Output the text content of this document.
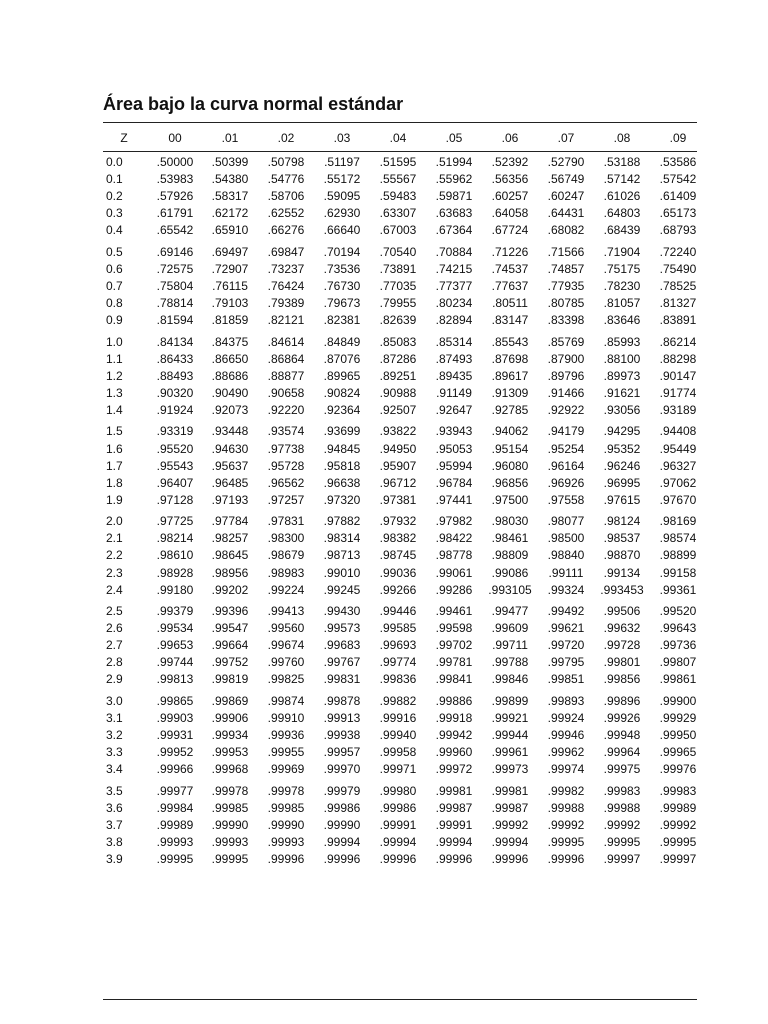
Área bajo la curva normal estándar
Z	00	.01	.02	.03	.04	.05	.06	.07	.08	.09
0.0	.50000 .50399 .50798 .51197 .51595 .51994 .52392 .52790 .53188 .53586
0.1	.53983 .54380 .54776 .55172 .55567 .55962 .56356 .56749 .57142 .57542
0.2	.57926 .58317 .58706 .59095 .59483 .59871 .60257 .60247 .61026 .61409
0.3	.61791 .62172 .62552 .62930 .63307 .63683 .64058 .64431 .64803 .65173
0.4	.65542 .65910 .66276 .66640 .67003 .67364 .67724 .68082 .68439 .68793
0.5	.69146 .69497 .69847 .70194 .70540 .70884 .71226 .71566 .71904 .72240
0.6	.72575 .72907 .73237 .73536 .73891 .74215 .74537 .74857 .75175 .75490
0.7	.75804 .76115 .76424 .76730 .77035 .77377 .77637 .77935 .78230 .78525
0.8	.78814 .79103 .79389 .79673 .79955 .80234 .80511 .80785 .81057 .81327
0.9	.81594 .81859 .82121 .82381 .82639 .82894 .83147 .83398 .83646 .83891
1.0	.84134 .84375 .84614 .84849 .85083 .85314 .85543 .85769 .85993 .86214
1.1	.86433 .86650 .86864 .87076 .87286 .87493 .87698 .87900 .88100 .88298
1.2	.88493 .88686 .88877 .89965 .89251 .89435 .89617 .89796 .89973 .90147
1.3	.90320 .90490 .90658 .90824 .90988 .91149 .91309 .91466 .91621 .91774
1.4	.91924 .92073 .92220 .92364 .92507 .92647 .92785 .92922 .93056 .93189
1.5	.93319 .93448 .93574 .93699 .93822 .93943 .94062 .94179 .94295 .94408
1.6	.95520 .94630 .97738 .94845 .94950 .95053 .95154 .95254 .95352 .95449
1.7	.95543 .95637 .95728 .95818 .95907 .95994 .96080 .96164 .96246 .96327
1.8	.96407 .96485 .96562 .96638 .96712 .96784 .96856 .96926 .96995 .97062
1.9	.97128 .97193 .97257 .97320 .97381 .97441 .97500 .97558 .97615 .97670
2.0	.97725 .97784 .97831 .97882 .97932 .97982 .98030 .98077 .98124 .98169
2.1	.98214 .98257 .98300 .98314 .98382 .98422 .98461 .98500 .98537 .98574
2.2	.98610 .98645 .98679 .98713 .98745 .98778 .98809 .98840 .98870 .98899
2.3	.98928 .98956 .98983 .99010 .99036 .99061 .99086 .99111 .99134 .99158
2.4	.99180 .99202 .99224 .99245 .99266 .99286 .993105 .99324 .993453 .99361
2.5	.99379 .99396 .99413 .99430 .99446 .99461 .99477 .99492 .99506 .99520
2.6	.99534 .99547 .99560 .99573 .99585 .99598 .99609 .99621 .99632 .99643
2.7	.99653 .99664 .99674 .99683 .99693 .99702 .99711 .99720 .99728 .99736
2.8	.99744 .99752 .99760 .99767 .99774 .99781 .99788 .99795 .99801 .99807
2.9	.99813 .99819 .99825 .99831 .99836 .99841 .99846 .99851 .99856 .99861
3.0	.99865 .99869 .99874 .99878 .99882 .99886 .99899 .99893 .99896 .99900
3.1	.99903 .99906 .99910 .99913 .99916 .99918 .99921 .99924 .99926 .99929
3.2	.99931 .99934 .99936 .99938 .99940 .99942 .99944 .99946 .99948 .99950
3.3	.99952 .99953 .99955 .99957 .99958 .99960 .99961 .99962 .99964 .99965
3.4	.99966 .99968 .99969 .99970 .99971 .99972 .99973 .99974 .99975 .99976
3.5	.99977 .99978 .99978 .99979 .99980 .99981 .99981 .99982 .99983 .99983
3.6	.99984 .99985 .99985 .99986 .99986 .99987 .99987 .99988 .99988 .99989
3.7	.99989 .99990 .99990 .99990 .99991 .99991 .99992 .99992 .99992 .99992
3.8	.99993 .99993 .99993 .99994 .99994 .99994 .99994 .99995 .99995 .99995
3.9	.99995 .99995 .99996 .99996 .99996 .99996 .99996 .99996 .99997 .99997
